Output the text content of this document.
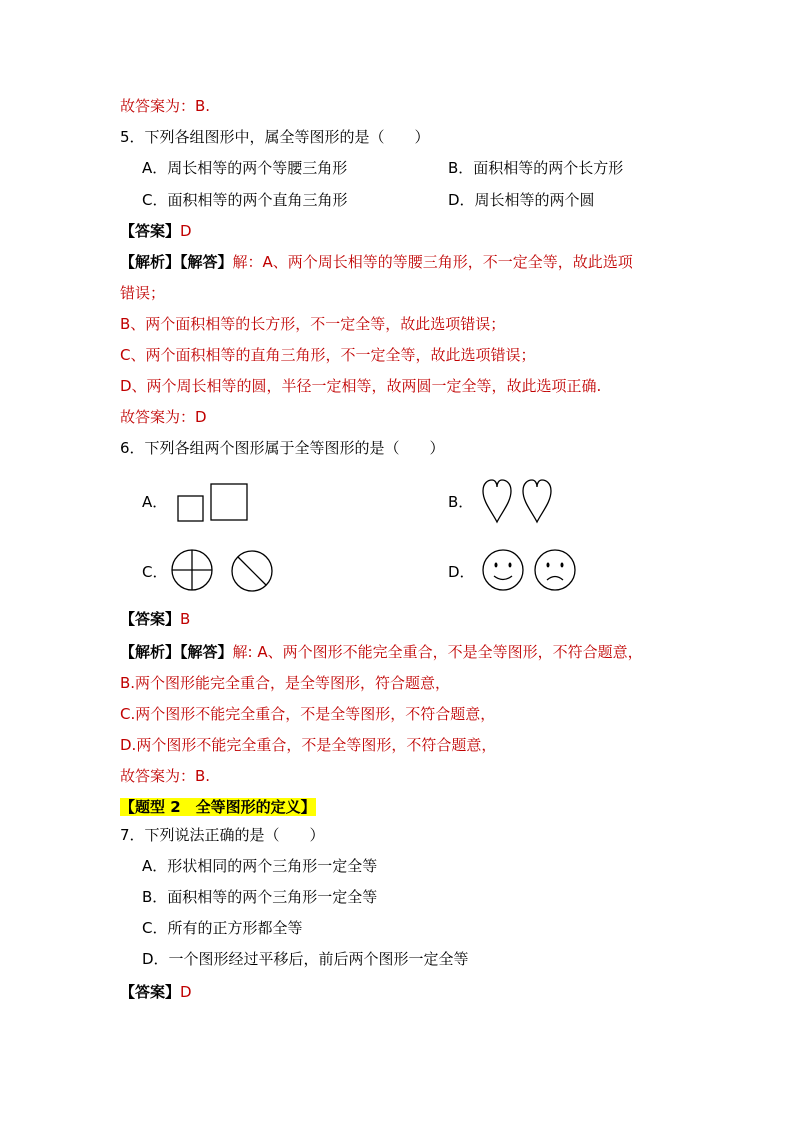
故答案为：B.
5．下列各组图形中，属全等图形的是（　　）
A．周长相等的两个等腰三角形	B．面积相等的两个长方形
C．面积相等的两个直角三角形	D．周长相等的两个圆
【答案】D
【解析】【解答】解：A、两个周长相等的等腰三角形，不一定全等，故此选项
错误；
B、两个面积相等的长方形，不一定全等，故此选项错误；
C、两个面积相等的直角三角形，不一定全等，故此选项错误；
D、两个周长相等的圆，半径一定相等，故两圆一定全等，故此选项正确.
故答案为：D
6．下列各组两个图形属于全等图形的是（　　）
A．	B．
C．	D．
【答案】B
【解析】【解答】解: A、两个图形不能完全重合，不是全等图形，不符合题意，
B.两个图形能完全重合，是全等图形，符合题意，
C.两个图形不能完全重合，不是全等图形，不符合题意，
D.两个图形不能完全重合，不是全等图形，不符合题意，
故答案为：B.
【题型 2　全等图形的定义】
7．下列说法正确的是（　　）
A．形状相同的两个三角形一定全等
B．面积相等的两个三角形一定全等
C．所有的正方形都全等
D．一个图形经过平移后，前后两个图形一定全等
【答案】D
